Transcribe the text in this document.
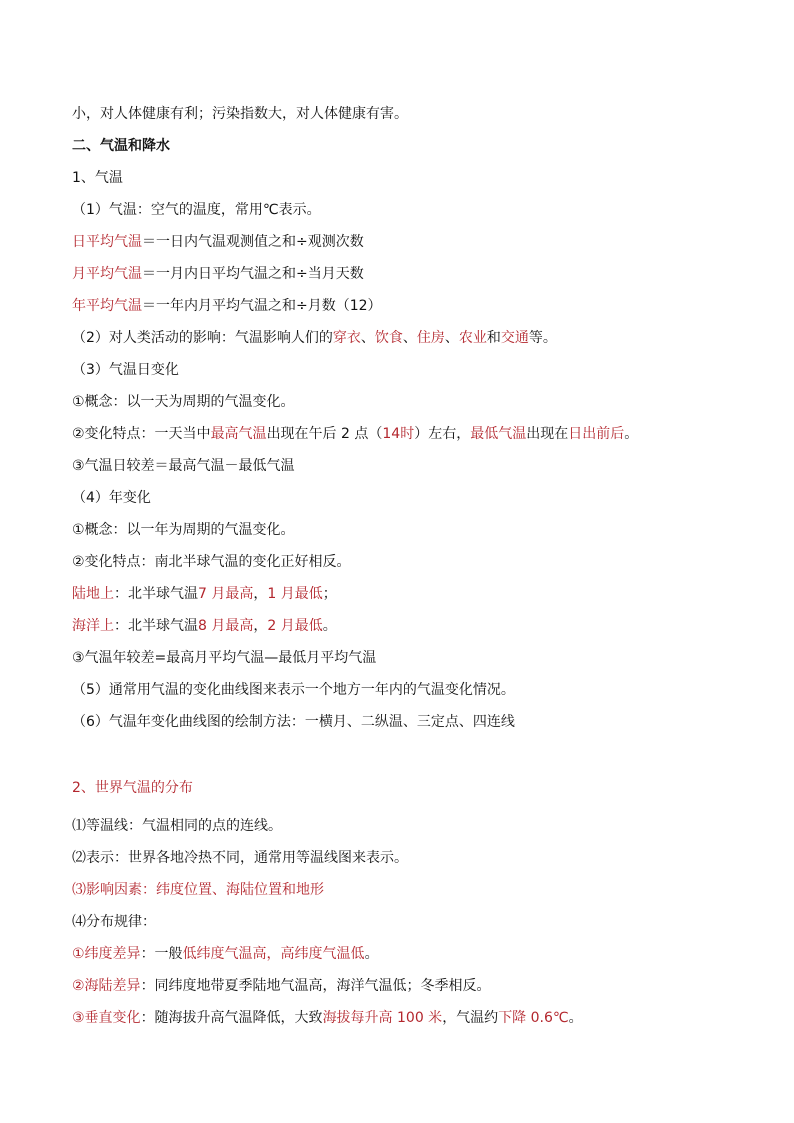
小，对人体健康有利；污染指数大，对人体健康有害。
二、气温和降水
1、气温
（1）气温：空气的温度，常用℃表示。
日平均气温＝一日内气温观测值之和÷观测次数
月平均气温＝一月内日平均气温之和÷当月天数
年平均气温＝一年内月平均气温之和÷月数（12）
（2）对人类活动的影响：气温影响人们的穿衣、饮食、住房、农业和交通等。
（3）气温日变化
①概念：以一天为周期的气温变化。
②变化特点：一天当中最高气温出现在午后 2 点（14时）左右，最低气温出现在日出前后。
③气温日较差＝最高气温－最低气温
（4）年变化
①概念：以一年为周期的气温变化。
②变化特点：南北半球气温的变化正好相反。
陆地上：北半球气温7 月最高，1 月最低；
海洋上：北半球气温8 月最高，2 月最低。
③气温年较差=最高月平均气温—最低月平均气温
（5）通常用气温的变化曲线图来表示一个地方一年内的气温变化情况。
（6）气温年变化曲线图的绘制方法：一横月、二纵温、三定点、四连线
2、世界气温的分布
⑴等温线：气温相同的点的连线。
⑵表示：世界各地冷热不同，通常用等温线图来表示。
⑶影响因素：纬度位置、海陆位置和地形
⑷分布规律：
①纬度差异：一般低纬度气温高，高纬度气温低。
②海陆差异：同纬度地带夏季陆地气温高，海洋气温低；冬季相反。
③垂直变化：随海拔升高气温降低，大致海拔每升高 100 米，气温约下降 0.6℃。
